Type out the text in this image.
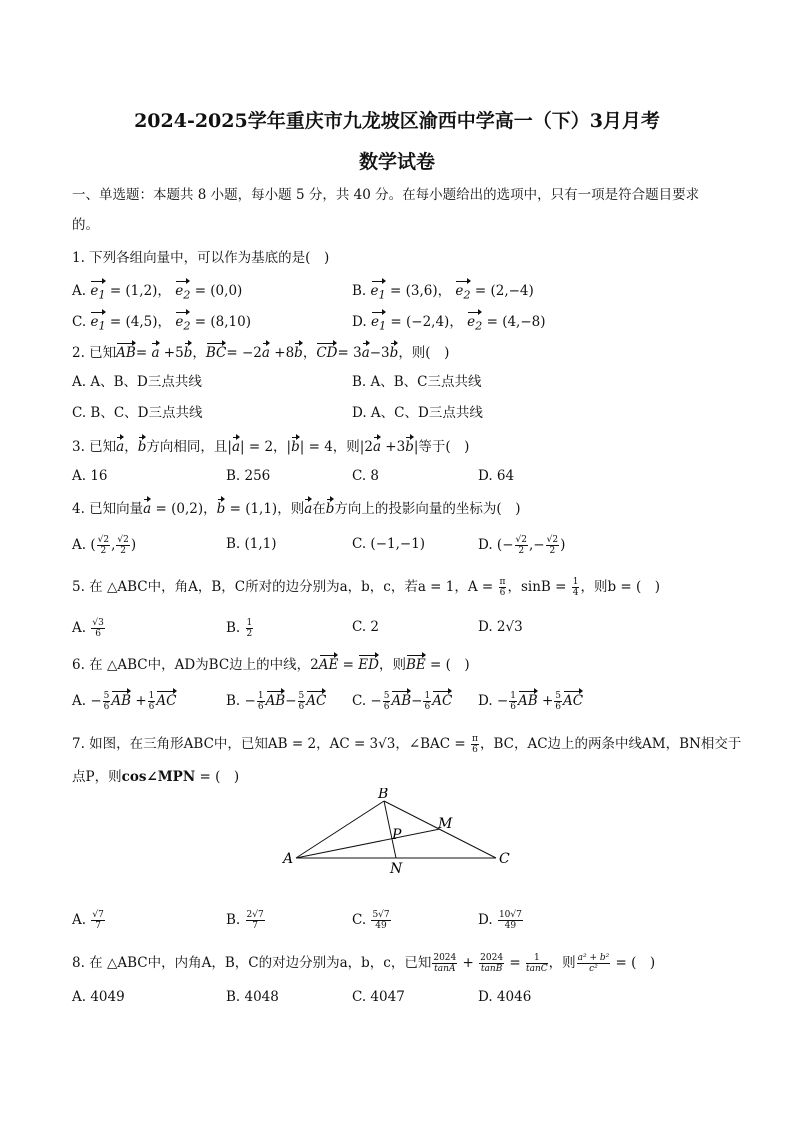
2024-2025学年重庆市九龙坡区渝西中学高一（下）3月月考
数学试卷
一、单选题：本题共 8 小题，每小题 5 分，共 40 分。在每小题给出的选项中，只有一项是符合题目要求
的。
1. 下列各组向量中，可以作为基底的是(　)
A. $e_1 = (1,2)$， $e_2 = (0,0)$	B. $e_1 = (3,6)$， $e_2 = (2,-4)$
C. $e_1 = (4,5)$， $e_2 = (8,10)$	D. $e_1 = (-2,4)$， $e_2 = (4,-8)$
2. 已知AB= a +5b，BC= −2a +8b，CD= 3a−3b，则(　)
A. A、B、D三点共线	B. A、B、C三点共线
C. B、C、D三点共线	D. A、C、D三点共线
3. 已知a，b方向相同，且|a| = 2，|b| = 4，则|2a +3b|等于(　)
A. 16	B. 256	C. 8	D. 64
4. 已知向量a = (0,2)，b = (1,1)，则a在b方向上的投影向量的坐标为(　)
A. ( $\frac{√2}{2}$ , $\frac{√2}{2}$ )	B. (1,1)	C. (−1,−1)	D. (− $\frac{√2}{2}$ ,− $\frac{√2}{2}$ )
5. 在 △ABC中，角A，B，C所对的边分别为a，b，c，若a = 1，$A = \frac{\pi}{6}$ ，$\sin B = \frac{1}{4}$ ，则b = (　)
A. $\frac{√3}{6}$	B. $\frac{1}{2}$	C. 2	D. 2√3
6. 在 △ABC中，AD为BC边上的中线，2AE = ED，则BE = (　)
A. − $\frac{5}{6}$ AB + $\frac{1}{6}$ AC	B. − $\frac{1}{6} AB- \frac{5}{6}$ AC C. − $\frac{5}{6} AB- \frac{1}{6}$ AC D. − $\frac{1}{6}$ AB + $\frac{5}{6}$ AC
7. 如图，在三角形ABC中，已知AB = 2，AC = 3√3，∠BAC = $\frac{\pi}{6}$ ，BC，AC边上的两条中线AM，BN相交于
点P，则cos∠MPN = (　)
A
B
C
M
N
P
A. $\frac{√7}{7}$	B. $\frac{2√7}{7}$	C. $\frac{5√7}{49}$	D. $\frac{10√7}{49}$
8. 在 △ABC中，内角A，B，C的对边分别为a，b，c，已知 $\frac{2024}{\tan A} + \frac{2024}{\tan B} = \frac{1}{\tan C}$ ，则 $\frac{\text{a² + b²}}{\text{c²}}$ = (　)
A. 4049	B. 4048	C. 4047	D. 4046
